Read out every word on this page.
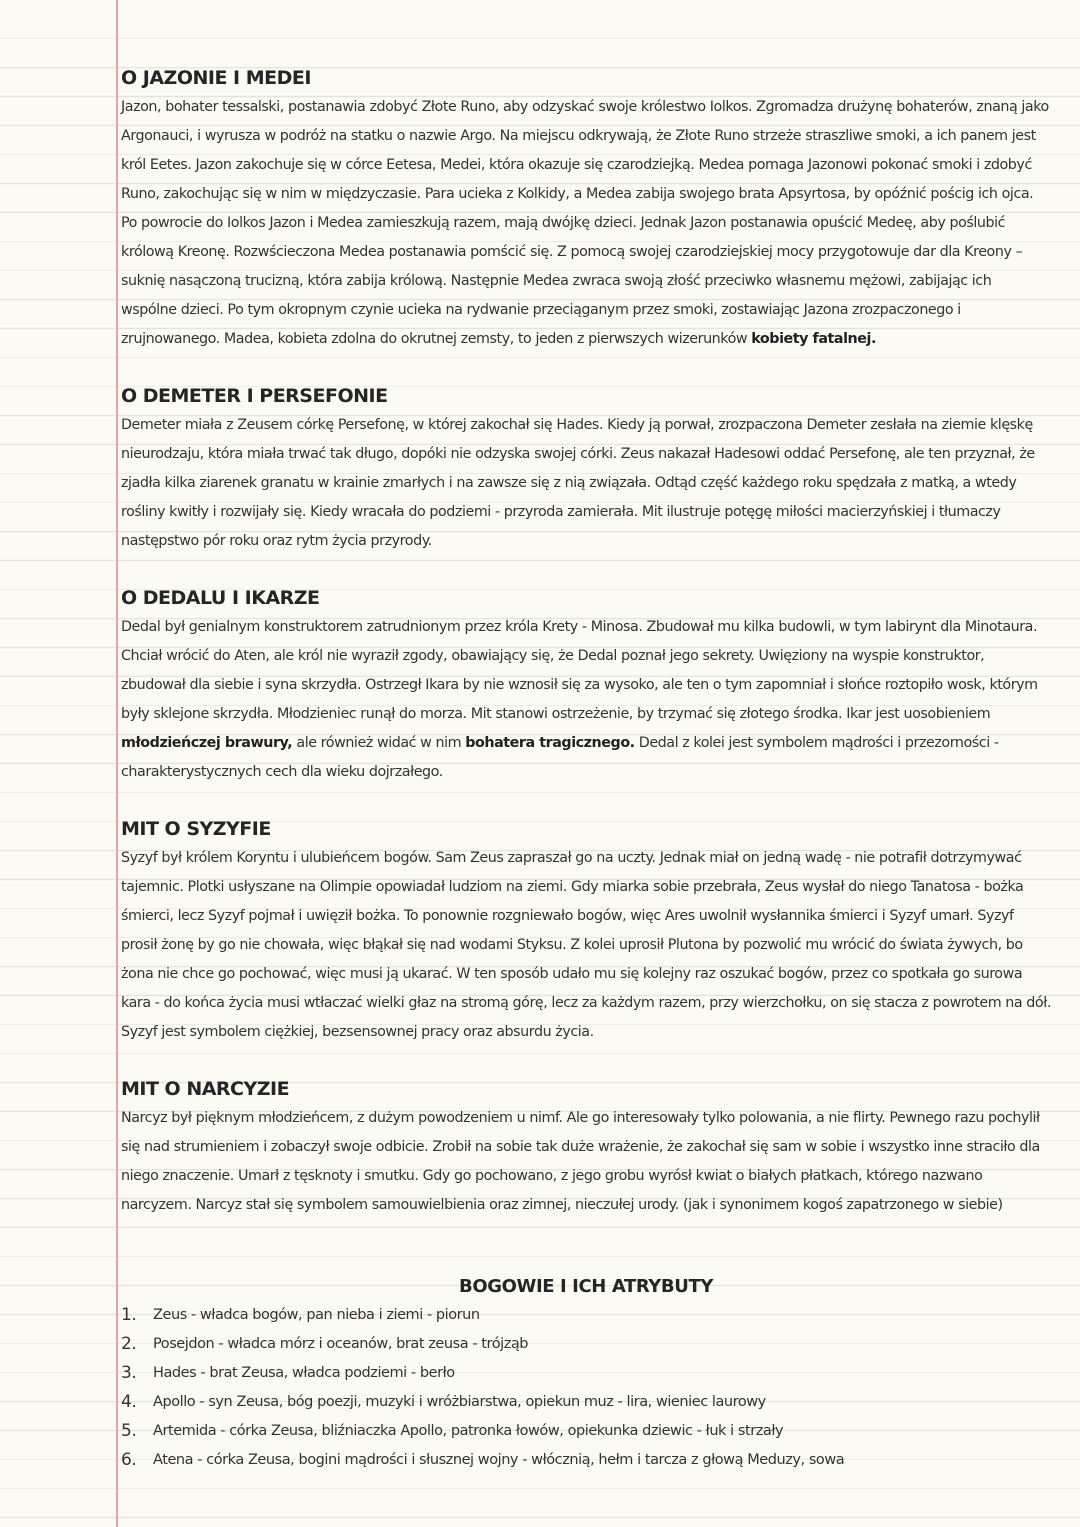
O JAZONIE I MEDEI

Jazon, bohater tessalski, postanawia zdobyć Złote Runo, aby odzyskać swoje królestwo Iolkos. Zgromadza drużynę bohaterów, znaną jako Argonauci, i wyrusza w podróż na statku o nazwie Argo. Na miejscu odkrywają, że Złote Runo strzeże straszliwe smoki, a ich panem jest król Eetes. Jazon zakochuje się w córce Eetesa, Medei, która okazuje się czarodziejką. Medea pomaga Jazonowi pokonać smoki i zdobyć Runo, zakochując się w nim w międzyczasie. Para ucieka z Kolkidy, a Medea zabija swojego brata Apsyrtosa, by opóźnić pościg ich ojca. Po powrocie do Iolkos Jazon i Medea zamieszkują razem, mają dwójkę dzieci. Jednak Jazon postanawia opuścić Medeę, aby poślubić królową Kreonę. Rozwścieczona Medea postanawia pomścić się. Z pomocą swojej czarodziejskiej mocy przygotowuje dar dla Kreony – suknię nasączoną trucizną, która zabija królową. Następnie Medea zwraca swoją złość przeciwko własnemu mężowi, zabijając ich wspólne dzieci. Po tym okropnym czynie ucieka na rydwanie przeciąganym przez smoki, zostawiając Jazona zrozpaczonego i zrujnowanego. Madea, kobieta zdolna do okrutnej zemsty, to jeden z pierwszych wizerunków kobiety fatalnej.

O DEMETER I PERSEFONIE

Demeter miała z Zeusem córkę Persefonę, w której zakochał się Hades. Kiedy ją porwał, zrozpaczona Demeter zesłała na ziemie klęskę nieurodzaju, która miała trwać tak długo, dopóki nie odzyska swojej córki. Zeus nakazał Hadesowi oddać Persefonę, ale ten przyznał, że zjadła kilka ziarenek granatu w krainie zmarłych i na zawsze się z nią związała. Odtąd część każdego roku spędzała z matką, a wtedy rośliny kwitły i rozwijały się. Kiedy wracała do podziemi - przyroda zamierała. Mit ilustruje potęgę miłości macierzyńskiej i tłumaczy następstwo pór roku oraz rytm życia przyrody.

O DEDALU I IKARZE

Dedal był genialnym konstruktorem zatrudnionym przez króla Krety - Minosa. Zbudował mu kilka budowli, w tym labirynt dla Minotaura. Chciał wrócić do Aten, ale król nie wyraził zgody, obawiający się, że Dedal poznał jego sekrety. Uwięziony na wyspie konstruktor, zbudował dla siebie i syna skrzydła. Ostrzegł Ikara by nie wznosił się za wysoko, ale ten o tym zapomniał i słońce roztopiło wosk, którym były sklejone skrzydła. Młodzieniec runął do morza. Mit stanowi ostrzeżenie, by trzymać się złotego środka. Ikar jest uosobieniem młodzieńczej brawury, ale również widać w nim bohatera tragicznego. Dedal z kolei jest symbolem mądrości i przezorności - charakterystycznych cech dla wieku dojrzałego.

MIT O SYZYFIE

Syzyf był królem Koryntu i ulubieńcem bogów. Sam Zeus zapraszał go na uczty. Jednak miał on jedną wadę - nie potrafił dotrzymywać tajemnic. Plotki usłyszane na Olimpie opowiadał ludziom na ziemi. Gdy miarka sobie przebrała, Zeus wysłał do niego Tanatosa - bożka śmierci, lecz Syzyf pojmał i uwięził bożka. To ponownie rozgniewało bogów, więc Ares uwolnił wysłannika śmierci i Syzyf umarł. Syzyf prosił żonę by go nie chowała, więc błąkał się nad wodami Styksu. Z kolei uprosił Plutona by pozwolić mu wrócić do świata żywych, bo żona nie chce go pochować, więc musi ją ukarać. W ten sposób udało mu się kolejny raz oszukać bogów, przez co spotkała go surowa kara - do końca życia musi wtłaczać wielki głaz na stromą górę, lecz za każdym razem, przy wierzchołku, on się stacza z powrotem na dół. Syzyf jest symbolem ciężkiej, bezsensownej pracy oraz absurdu życia.

MIT O NARCYZIE

Narcyz był pięknym młodzieńcem, z dużym powodzeniem u nimf. Ale go interesowały tylko polowania, a nie flirty. Pewnego razu pochylił się nad strumieniem i zobaczył swoje odbicie. Zrobił na sobie tak duże wrażenie, że zakochał się sam w sobie i wszystko inne straciło dla niego znaczenie. Umarł z tęsknoty i smutku. Gdy go pochowano, z jego grobu wyrósł kwiat o białych płatkach, którego nazwano narcyzem. Narcyz stał się symbolem samouwielbienia oraz zimnej, nieczułej urody. (jak i synonimem kogoś zapatrzonego w siebie)

BOGOWIE I ICH ATRYBUTY

1.	Zeus - władca bogów, pan nieba i ziemi - piorun
2.	Posejdon - władca mórz i oceanów, brat zeusa - trójząb
3.	Hades - brat Zeusa, władca podziemi - berło
4.	Apollo - syn Zeusa, bóg poezji, muzyki i wróżbiarstwa, opiekun muz - lira, wieniec laurowy
5.	Artemida - córka Zeusa, bliźniaczka Apollo, patronka łowów, opiekunka dziewic - łuk i strzały
6.	Atena - córka Zeusa, bogini mądrości i słusznej wojny - włócznią, hełm i tarcza z głową Meduzy, sowa
